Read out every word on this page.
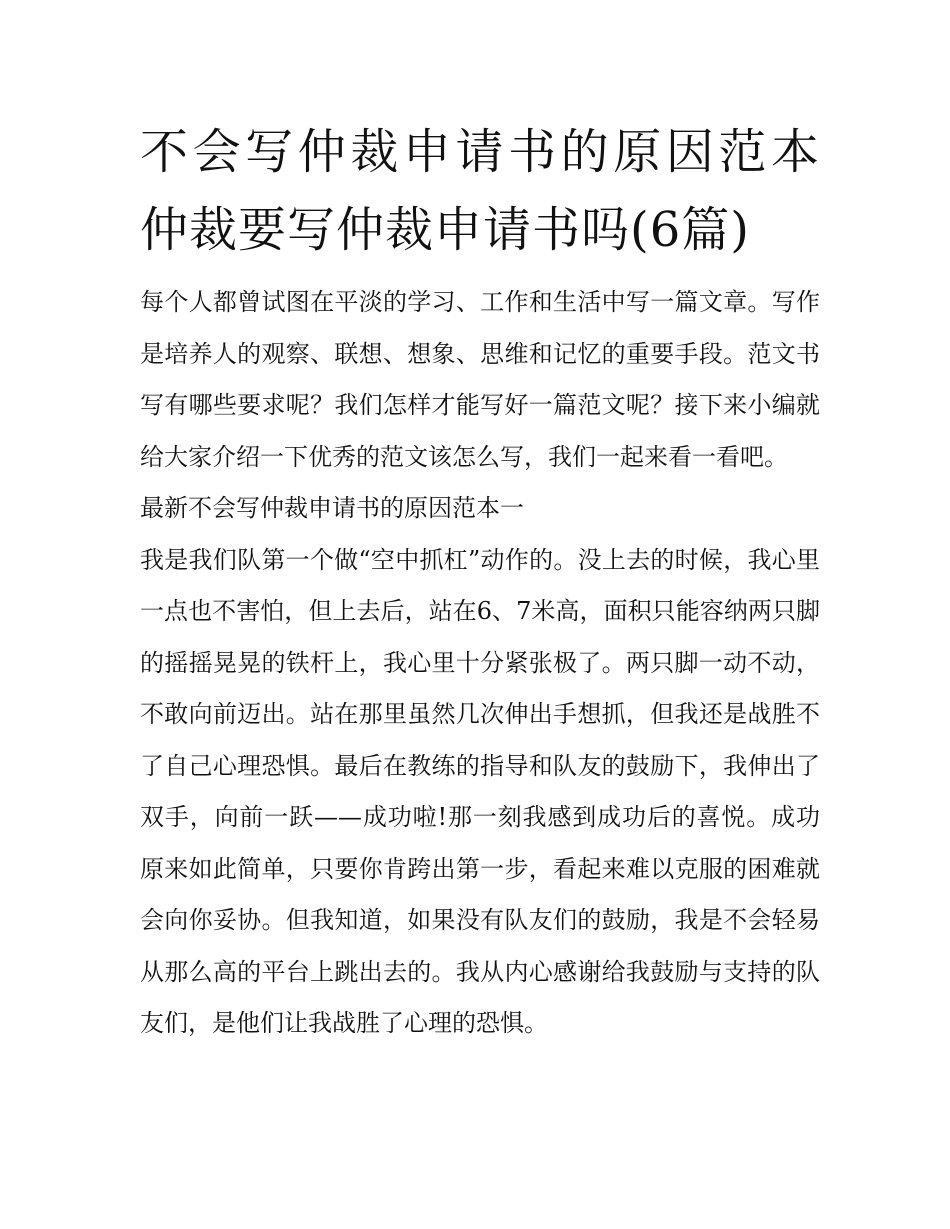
不会写仲裁申请书的原因范本 仲裁要写仲裁申请书吗(6篇)

每个人都曾试图在平淡的学习、工作和生活中写一篇文章。写作是培养人的观察、联想、想象、思维和记忆的重要手段。范文书写有哪些要求呢？我们怎样才能写好一篇范文呢？接下来小编就给大家介绍一下优秀的范文该怎么写，我们一起来看一看吧。

最新不会写仲裁申请书的原因范本一

我是我们队第一个做“空中抓杠”动作的。没上去的时候，我心里一点也不害怕，但上去后，站在6、7米高，面积只能容纳两只脚的摇摇晃晃的铁杆上，我心里十分紧张极了。两只脚一动不动，不敢向前迈出。站在那里虽然几次伸出手想抓，但我还是战胜不了自己心理恐惧。最后在教练的指导和队友的鼓励下，我伸出了双手，向前一跃——成功啦!那一刻我感到成功后的喜悦。成功原来如此简单，只要你肯跨出第一步，看起来难以克服的困难就会向你妥协。但我知道，如果没有队友们的鼓励，我是不会轻易从那么高的平台上跳出去的。我从内心感谢给我鼓励与支持的队友们，是他们让我战胜了心理的恐惧。
